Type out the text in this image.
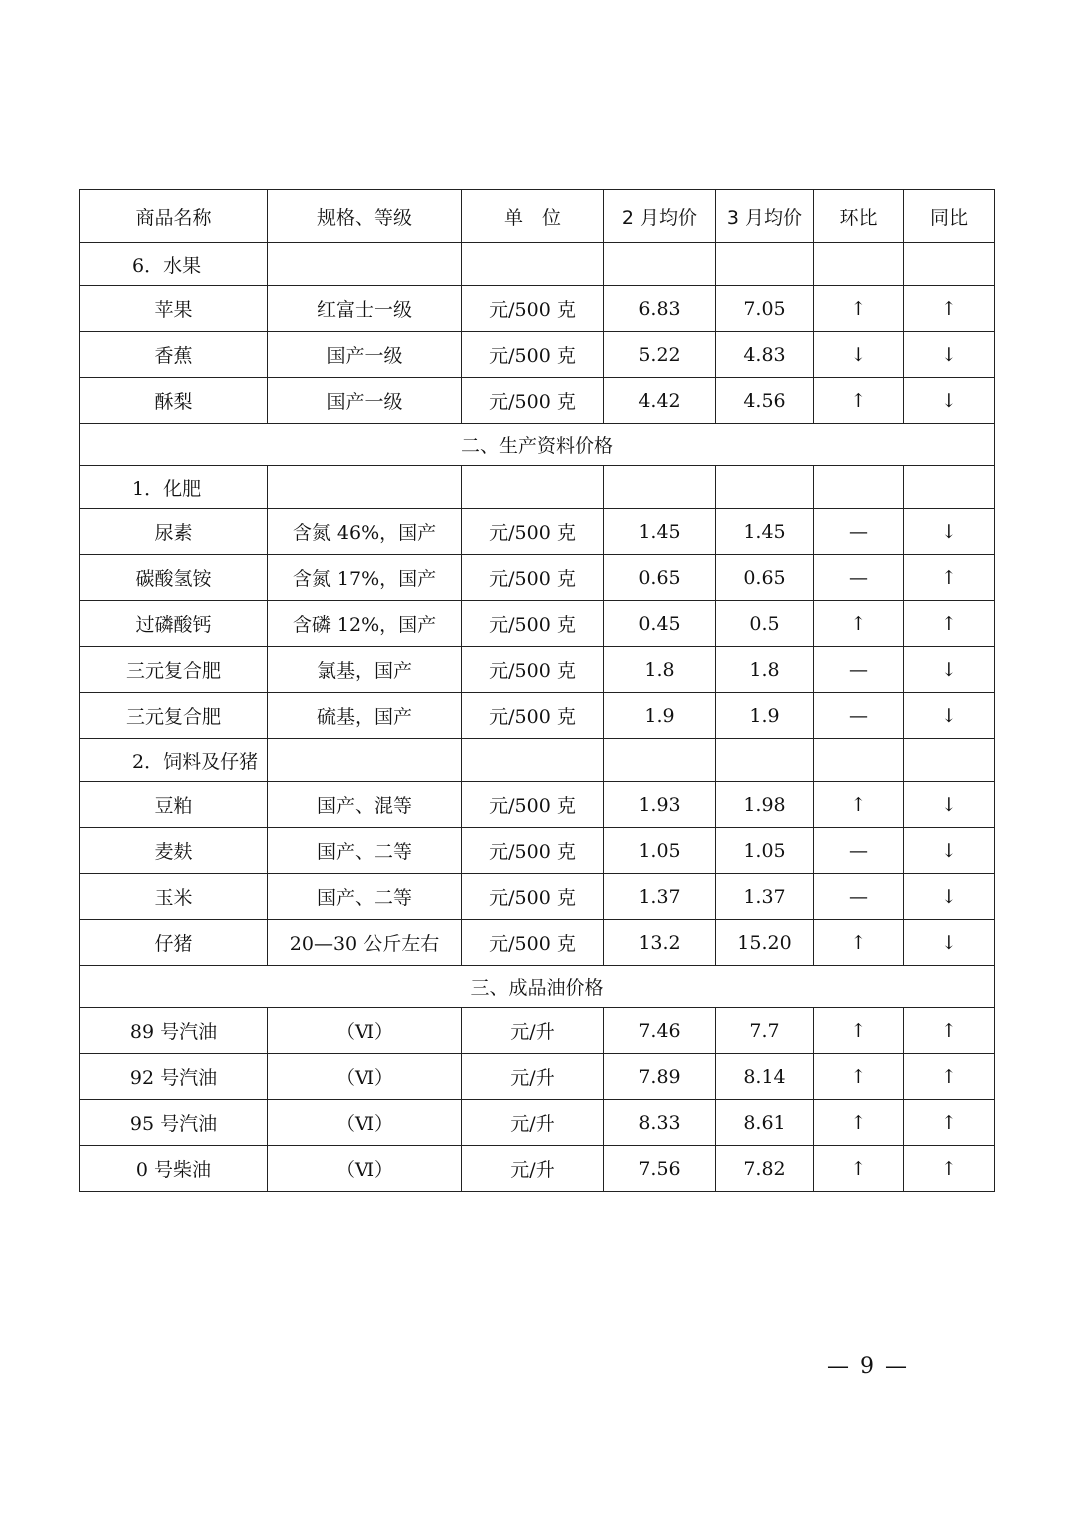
商品名称	规格、等级	单　位	2 月均价	3 月均价	环比	同比
6．水果						
苹果	红富士一级	元/500 克	6.83	7.05	↑	↑
香蕉	国产一级	元/500 克	5.22	4.83	↓	↓
酥梨	国产一级	元/500 克	4.42	4.56	↑	↓
二、生产资料价格						
1．化肥						
尿素	含氮 46%，国产	元/500 克	1.45	1.45	—	↓
碳酸氢铵	含氮 17%，国产	元/500 克	0.65	0.65	—	↑
过磷酸钙	含磷 12%，国产	元/500 克	0.45	0.5	↑	↑
三元复合肥	氯基，国产	元/500 克	1.8	1.8	—	↓
三元复合肥	硫基，国产	元/500 克	1.9	1.9	—	↓
2．饲料及仔猪						
豆粕	国产、混等	元/500 克	1.93	1.98	↑	↓
麦麸	国产、二等	元/500 克	1.05	1.05	—	↓
玉米	国产、二等	元/500 克	1.37	1.37	—	↓
仔猪	20—30 公斤左右	元/500 克	13.2	15.20	↑	↓
三、成品油价格						
89 号汽油	（Ⅵ）	元/升	7.46	7.7	↑	↑
92 号汽油	（Ⅵ）	元/升	7.89	8.14	↑	↑
95 号汽油	（Ⅵ）	元/升	8.33	8.61	↑	↑
0 号柴油	（Ⅵ）	元/升	7.56	7.82	↑	↑
— 9 —
